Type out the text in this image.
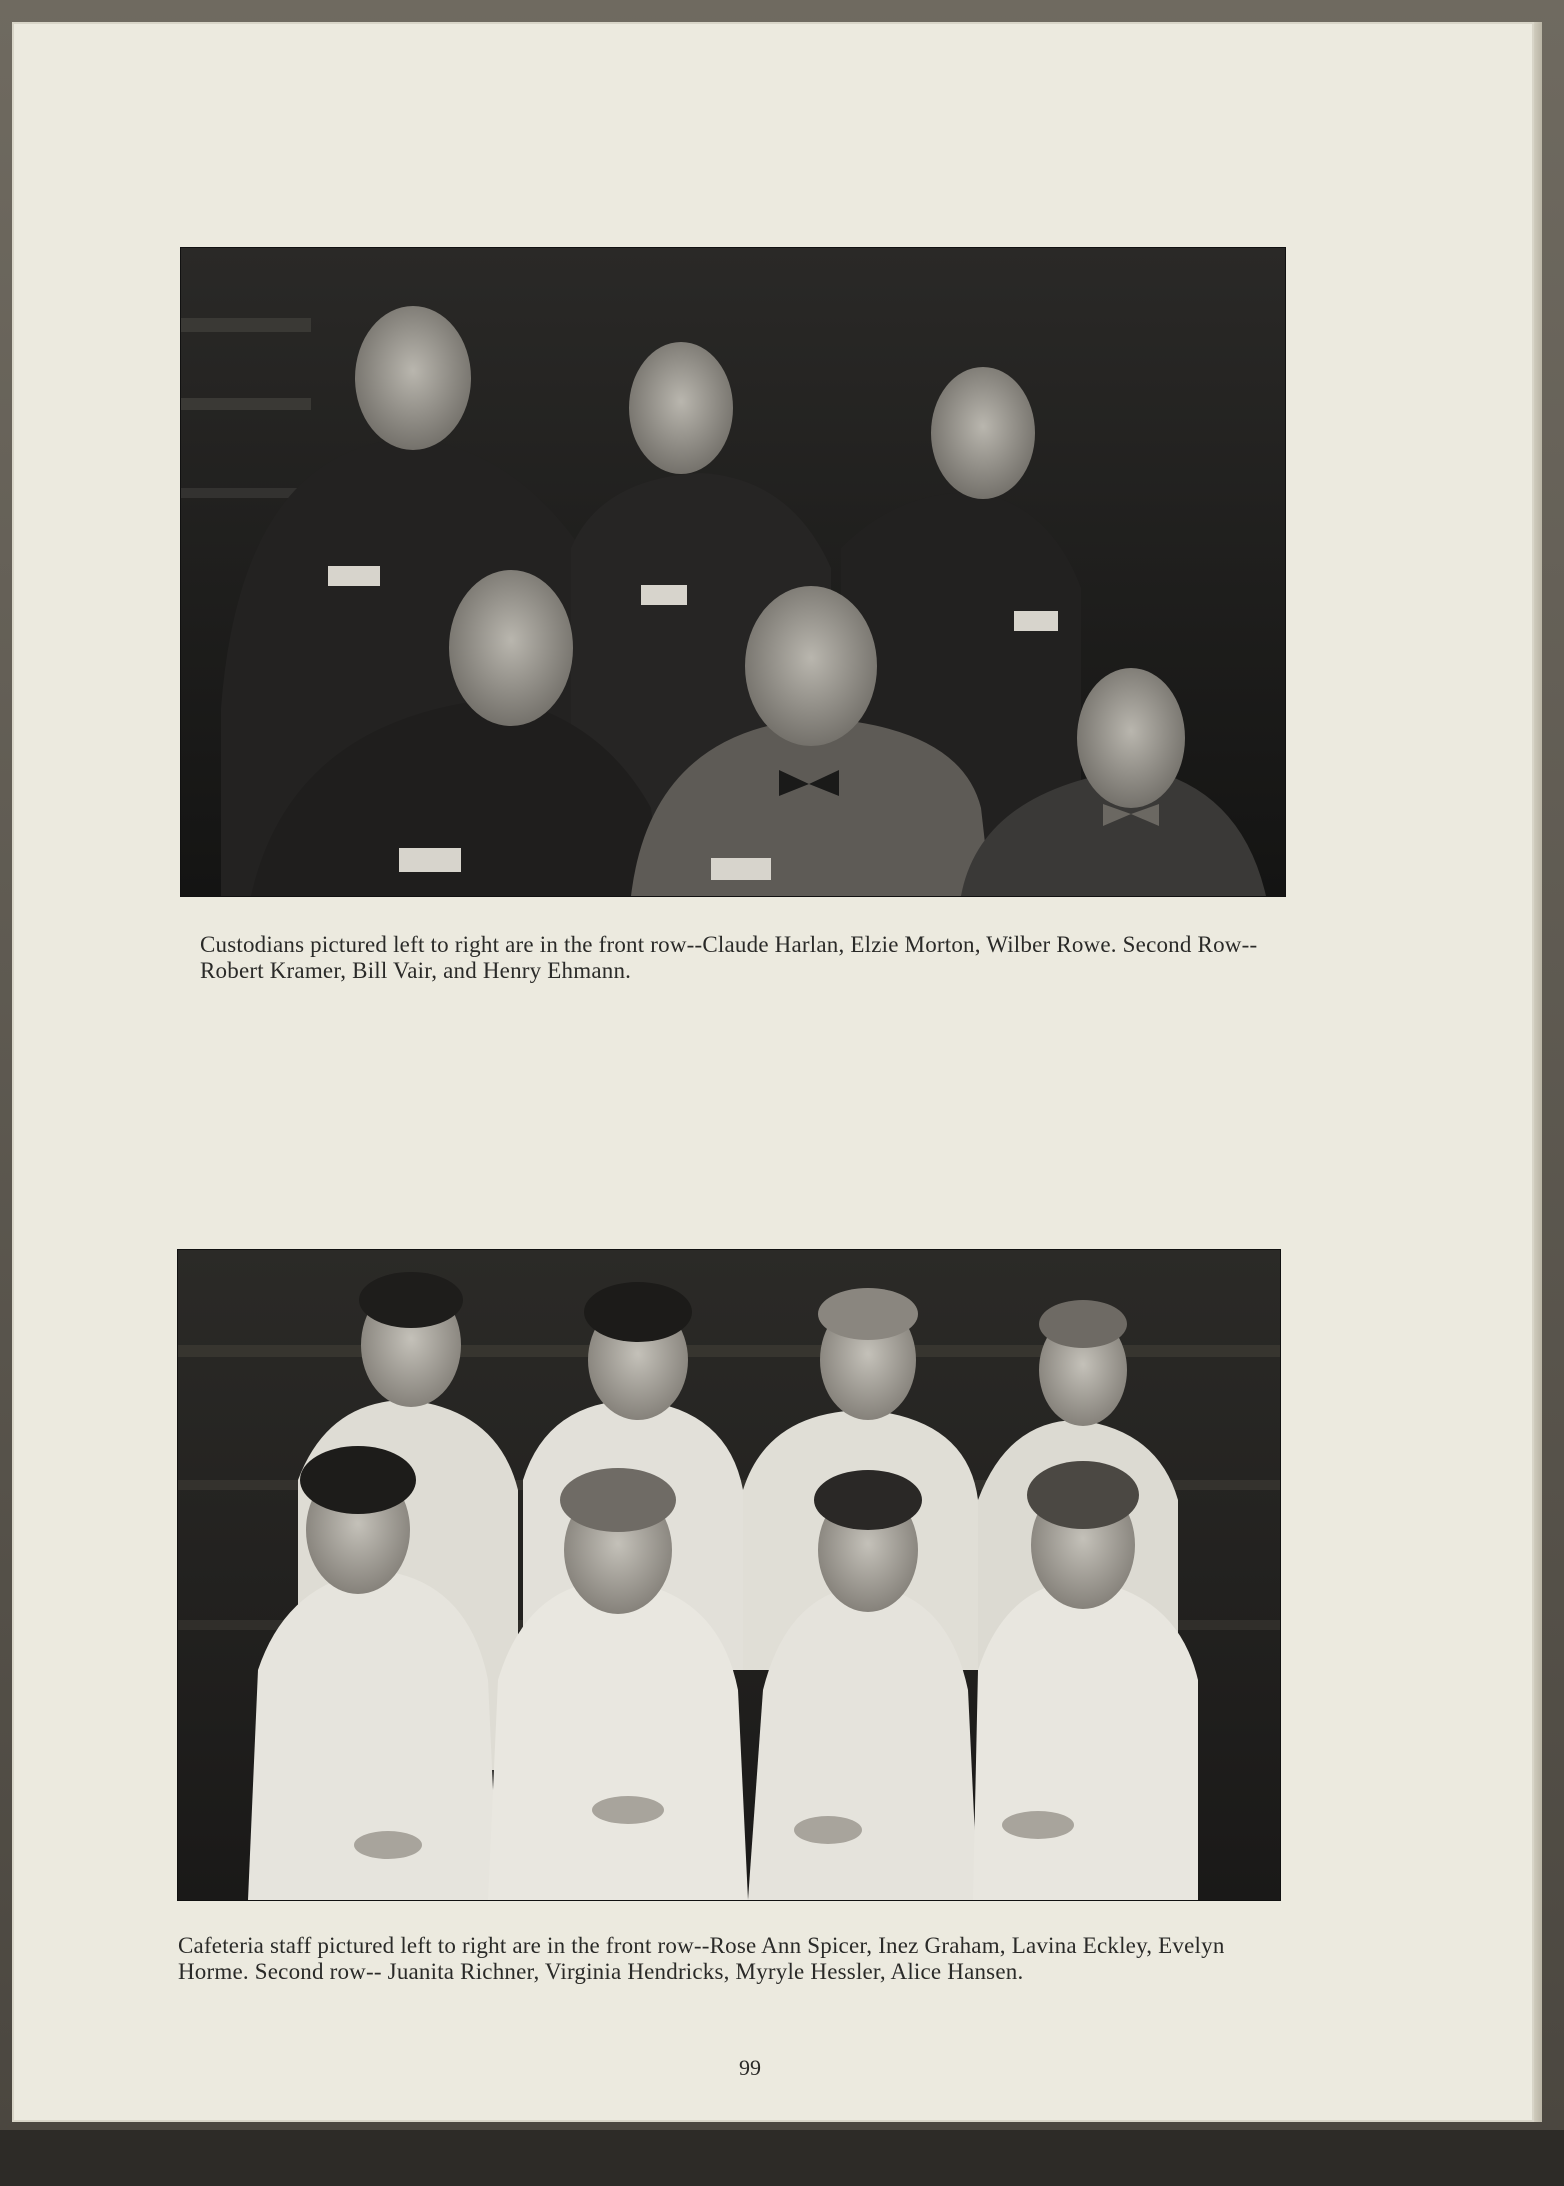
Custodians pictured left to right are in the front row--Claude Harlan, Elzie Morton, Wilber Rowe. Second Row--Robert Kramer, Bill Vair, and Henry Ehmann.

Cafeteria staff pictured left to right are in the front row--Rose Ann Spicer, Inez Graham, Lavina Eckley, Evelyn Horme. Second row-- Juanita Richner, Virginia Hendricks, Myryle Hessler, Alice Hansen.

99
